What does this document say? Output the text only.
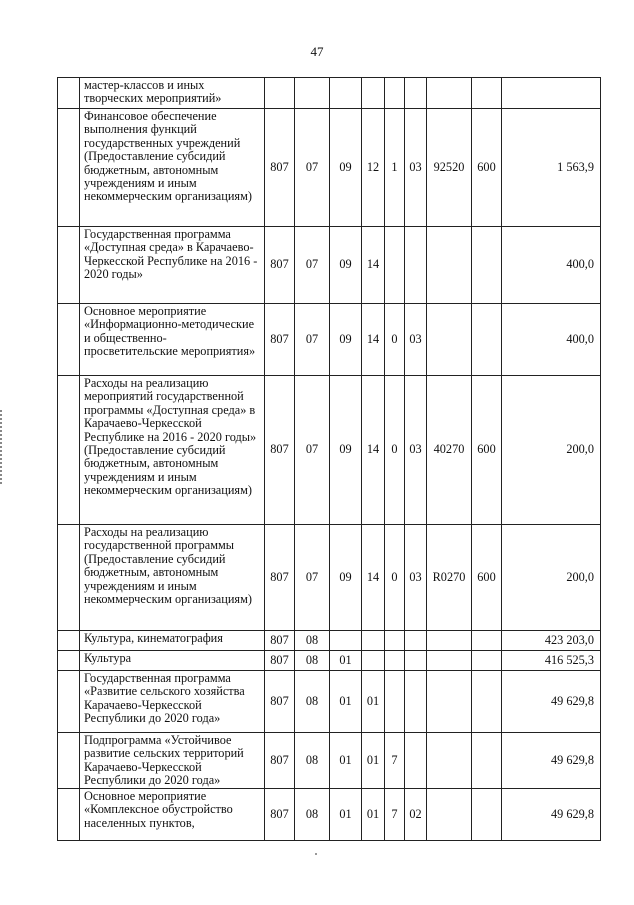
47
	мастер-классов и иных творческих мероприятий»									
	Финансовое обеспечение выполнения функций государственных учреждений (Предоставление субсидий бюджетным, автономным учреждениям и иным некоммерческим организациям)	807	07	09	12	1	03	92520	600	1 563,9
	Государственная программа «Доступная среда» в Карачаево-Черкесской Республике на 2016 - 2020 годы»	807	07	09	14					400,0
	Основное мероприятие «Информационно-методические и общественно-просветительские мероприятия»	807	07	09	14	0	03			400,0
	Расходы на реализацию мероприятий государственной программы «Доступная среда» в Карачаево-Черкесской Республике на 2016 - 2020 годы» (Предоставление субсидий бюджетным, автономным учреждениям и иным некоммерческим организациям)	807	07	09	14	0	03	40270	600	200,0
	Расходы на реализацию государственной программы (Предоставление субсидий бюджетным, автономным учреждениям и иным некоммерческим организациям)	807	07	09	14	0	03	R0270	600	200,0
	Культура, кинематография	807	08							423 203,0
	Культура	807	08	01						416 525,3
	Государственная программа «Развитие сельского хозяйства Карачаево-Черкесской Республики до 2020 года»	807	08	01	01					49 629,8
	Подпрограмма «Устойчивое развитие сельских территорий Карачаево-Черкесской Республики до 2020 года»	807	08	01	01	7				49 629,8
	Основное мероприятие «Комплексное обустройство населенных пунктов,	807	08	01	01	7	02			49 629,8
